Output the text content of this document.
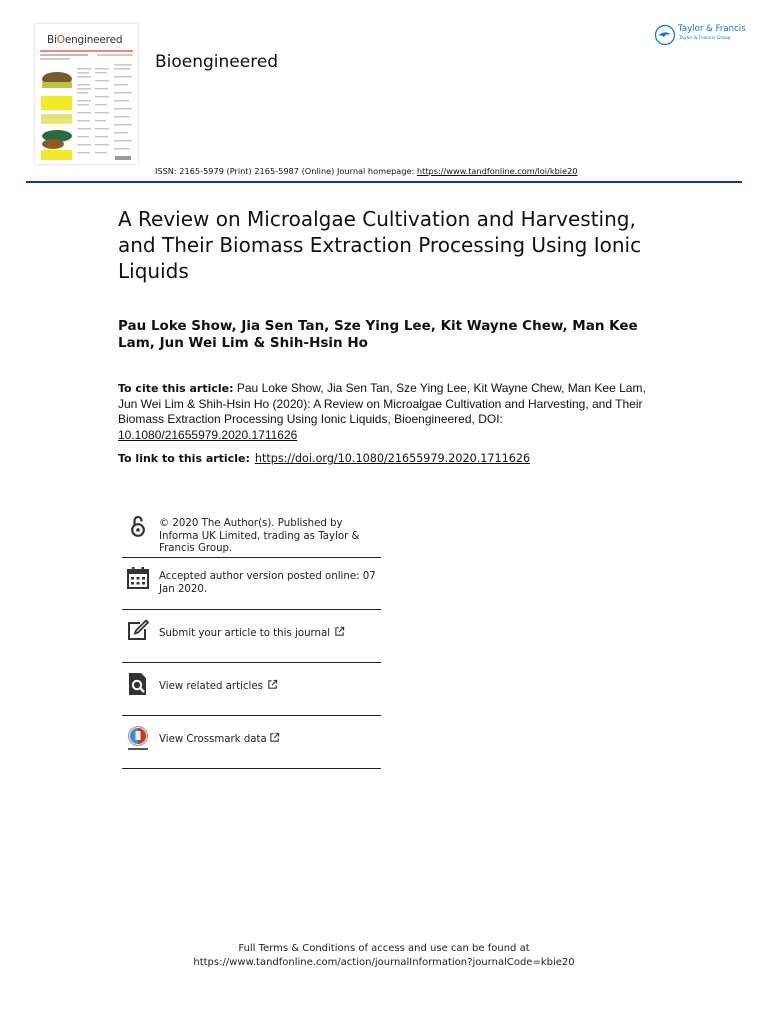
BiOengineered
Bioengineered
Taylor & Francis
Taylor & Francis Group
ISSN: 2165-5979 (Print) 2165-5987 (Online) Journal homepage: https://www.tandfonline.com/loi/kbie20
A Review on Microalgae Cultivation and Harvesting, and Their Biomass Extraction Processing Using Ionic Liquids
Pau Loke Show, Jia Sen Tan, Sze Ying Lee, Kit Wayne Chew, Man Kee Lam, Jun Wei Lim & Shih-Hsin Ho
To cite this article: Pau Loke Show, Jia Sen Tan, Sze Ying Lee, Kit Wayne Chew, Man Kee Lam, Jun Wei Lim & Shih-Hsin Ho (2020): A Review on Microalgae Cultivation and Harvesting, and Their Biomass Extraction Processing Using Ionic Liquids, Bioengineered, DOI: 10.1080/21655979.2020.1711626
To link to this article: https://doi.org/10.1080/21655979.2020.1711626
© 2020 The Author(s). Published by Informa UK Limited, trading as Taylor & Francis Group.
Accepted author version posted online: 07 Jan 2020.
Submit your article to this journal
View related articles
View Crossmark data
Full Terms & Conditions of access and use can be found at
https://www.tandfonline.com/action/journalInformation?journalCode=kbie20
